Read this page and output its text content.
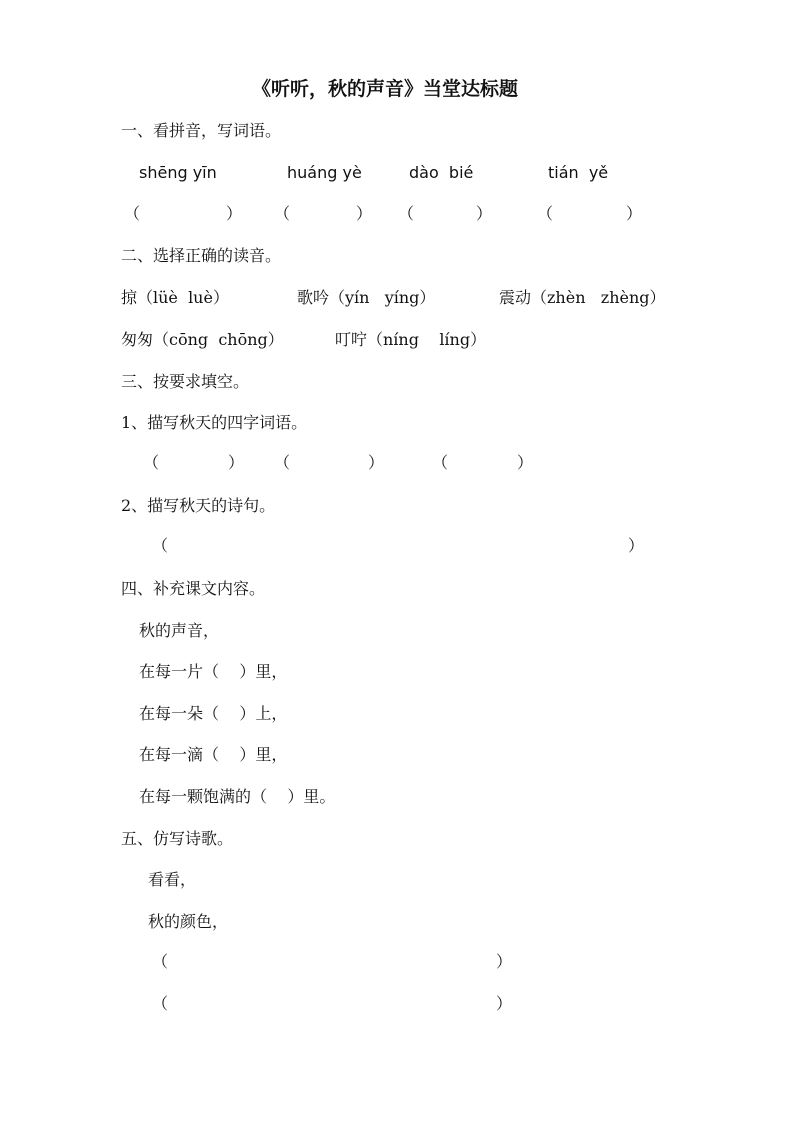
《听听，秋的声音》当堂达标题
一、看拼音，写词语。
shēng yīn	huáng yè	dào  bié	tián  yě
（	） （	） （	）	（	）
二、选择正确的读音。
掠（lüè  luè）	歌吟（yín   yíng）	震动（zhèn   zhèng）
匆匆（cōng  chōng）	叮咛（níng    líng）
三、按要求填空。
1、描写秋天的四字词语。
（	） （	）	（	）
2、描写秋天的诗句。
（	）
四、补充课文内容。
秋的声音，
在每一片（    ）里，
在每一朵（    ）上，
在每一滴（    ）里，
在每一颗饱满的（    ）里。
五、仿写诗歌。
看看，
秋的颜色，
（	）
（	）
